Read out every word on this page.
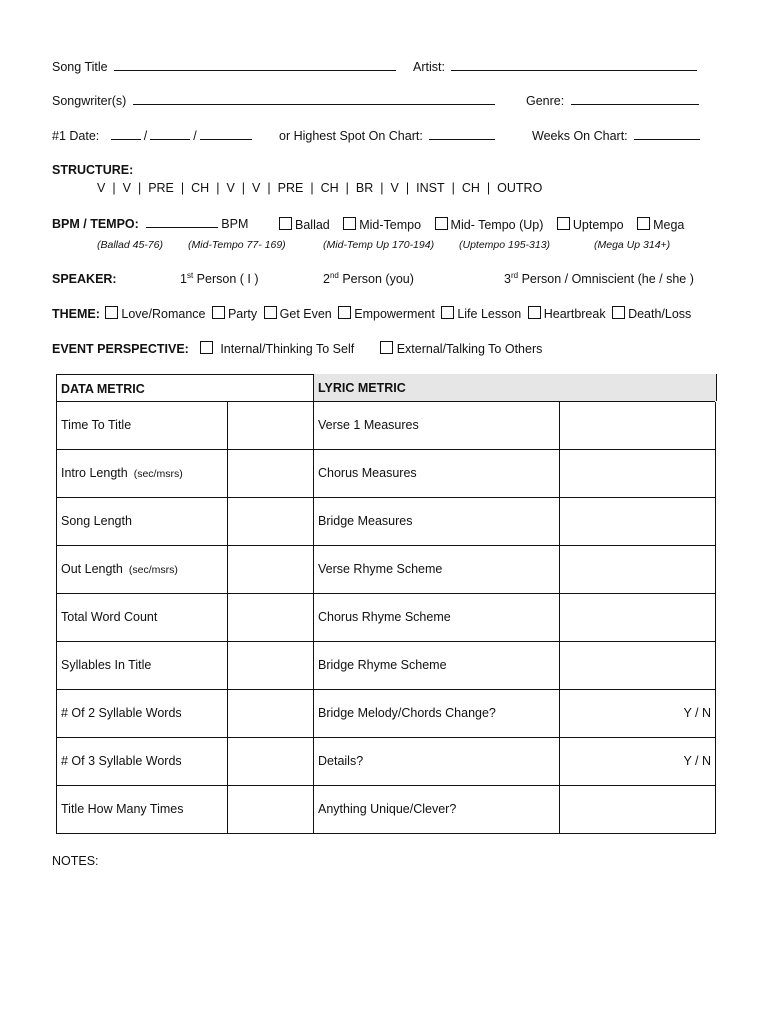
Song Title	Artist:
Songwriter(s)	Genre:
#1 Date:	/	/	or Highest Spot On Chart:	Weeks On Chart:
STRUCTURE:
V | V | PRE | CH | V | V | PRE | CH | BR | V | INST | CH | OUTRO
BPM / TEMPO:	BPM	Ballad Mid-Tempo Mid- Tempo (Up) Uptempo Mega
(Ballad 45-76) (Mid-Tempo 77- 169)	(Mid-Temp Up 170-194) (Uptempo 195-313)	(Mega Up 314+)
SPEAKER:	1st Person ( I )	2nd Person (you)	3rd Person / Omniscient (he / she )
THEME: Love/Romance Party Get Even Empowerment Life Lesson Heartbreak Death/Loss
EVENT PERSPECTIVE:	Internal/Thinking To Self	External/Talking To Others
DATA METRIC	LYRIC METRIC
Time To Title	Verse 1 Measures
Intro Length (sec/msrs)	Chorus Measures
Song Length	Bridge Measures
Out Length (sec/msrs)	Verse Rhyme Scheme
Total Word Count	Chorus Rhyme Scheme
Syllables In Title	Bridge Rhyme Scheme
# Of 2 Syllable Words	Bridge Melody/Chords Change?	Y / N
# Of 3 Syllable Words	Details?	Y / N
Title How Many Times	Anything Unique/Clever?
NOTES:
